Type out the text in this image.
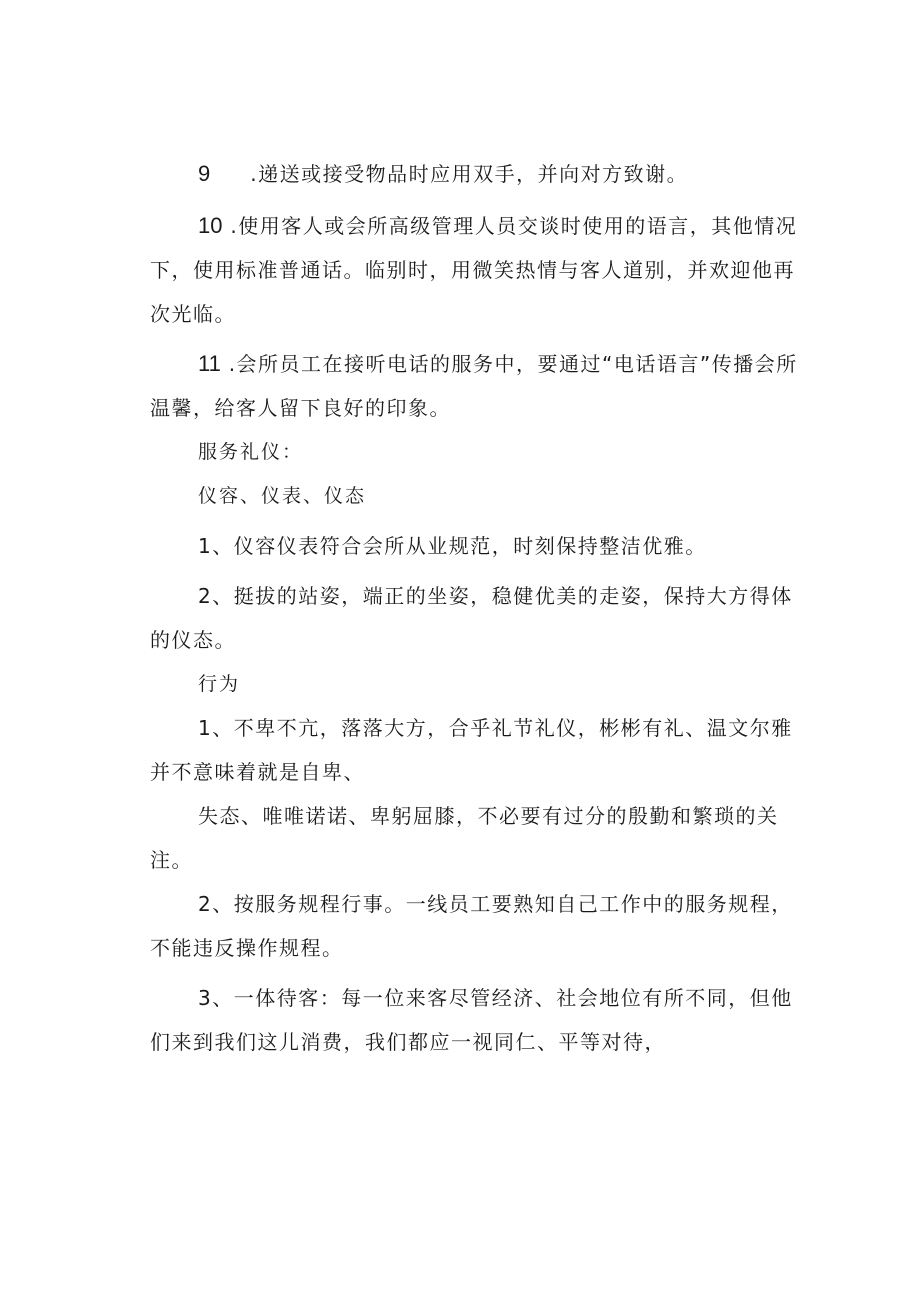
9 .递送或接受物品时应用双手，并向对方致谢。

10 .使用客人或会所高级管理人员交谈时使用的语言，其他情况下，使用标准普通话。临别时，用微笑热情与客人道别，并欢迎他再次光临。

11 .会所员工在接听电话的服务中，要通过“电话语言”传播会所温馨，给客人留下良好的印象。

服务礼仪：

仪容、仪表、仪态

1、仪容仪表符合会所从业规范，时刻保持整洁优雅。

2、挺拔的站姿，端正的坐姿，稳健优美的走姿，保持大方得体的仪态。

行为

1、不卑不亢，落落大方，合乎礼节礼仪，彬彬有礼、温文尔雅并不意味着就是自卑、

失态、唯唯诺诺、卑躬屈膝，不必要有过分的殷勤和繁琐的关注。

2、按服务规程行事。一线员工要熟知自己工作中的服务规程，不能违反操作规程。

3、一体待客：每一位来客尽管经济、社会地位有所不同，但他们来到我们这儿消费，我们都应一视同仁、平等对待，
